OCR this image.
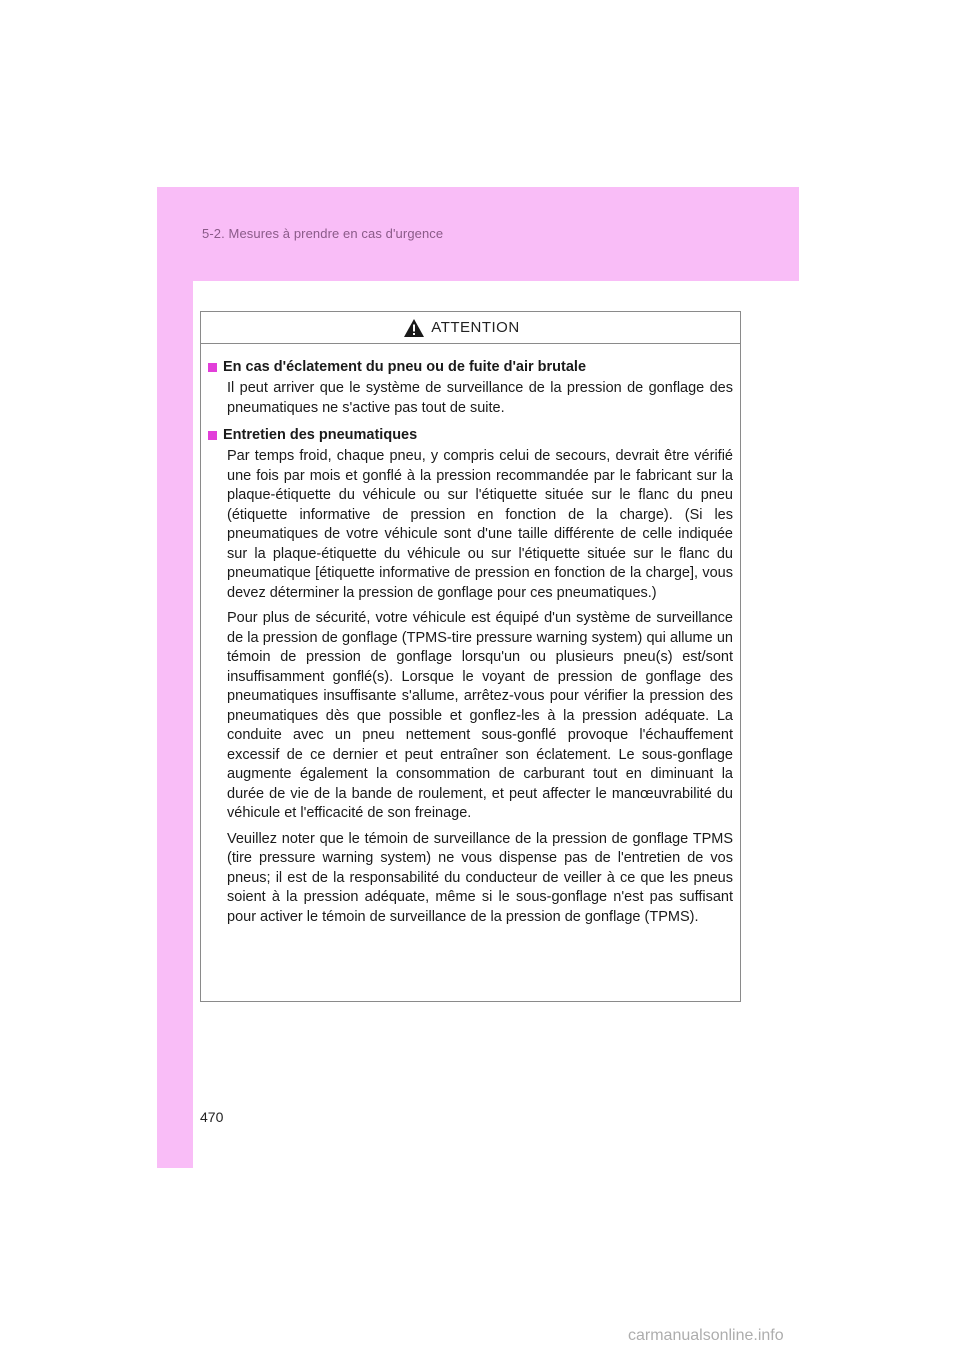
5-2. Mesures à prendre en cas d'urgence
ATTENTION
En cas d'éclatement du pneu ou de fuite d'air brutale

Il peut arriver que le système de surveillance de la pression de gonflage des pneumatiques ne s'active pas tout de suite.

Entretien des pneumatiques

Par temps froid, chaque pneu, y compris celui de secours, devrait être vérifié une fois par mois et gonflé à la pression recommandée par le fabricant sur la plaque-étiquette du véhicule ou sur l'étiquette située sur le flanc du pneu (étiquette informative de pression en fonction de la charge). (Si les pneumatiques de votre véhicule sont d'une taille différente de celle indiquée sur la plaque-étiquette du véhicule ou sur l'étiquette située sur le flanc du pneumatique [étiquette informative de pression en fonction de la charge], vous devez déterminer la pression de gonflage pour ces pneumatiques.)

Pour plus de sécurité, votre véhicule est équipé d'un système de surveillance de la pression de gonflage (TPMS-tire pressure warning system) qui allume un témoin de pression de gonflage lorsqu'un ou plusieurs pneu(s) est/sont insuffisamment gonflé(s). Lorsque le voyant de pression de gonflage des pneumatiques insuffisante s'allume, arrêtez-vous pour vérifier la pression des pneumatiques dès que possible et gonflez-les à la pression adéquate. La conduite avec un pneu nettement sous-gonflé provoque l'échauffement excessif de ce dernier et peut entraîner son éclatement. Le sous-gonflage augmente également la consommation de carburant tout en diminuant la durée de vie de la bande de roulement, et peut affecter le manœuvrabilité du véhicule et l'efficacité de son freinage.

Veuillez noter que le témoin de surveillance de la pression de gonflage TPMS (tire pressure warning system) ne vous dispense pas de l'entretien de vos pneus; il est de la responsabilité du conducteur de veiller à ce que les pneus soient à la pression adéquate, même si le sous-gonflage n'est pas suffisant pour activer le témoin de surveillance de la pression de gonflage (TPMS).

470
carmanualsonline.info
